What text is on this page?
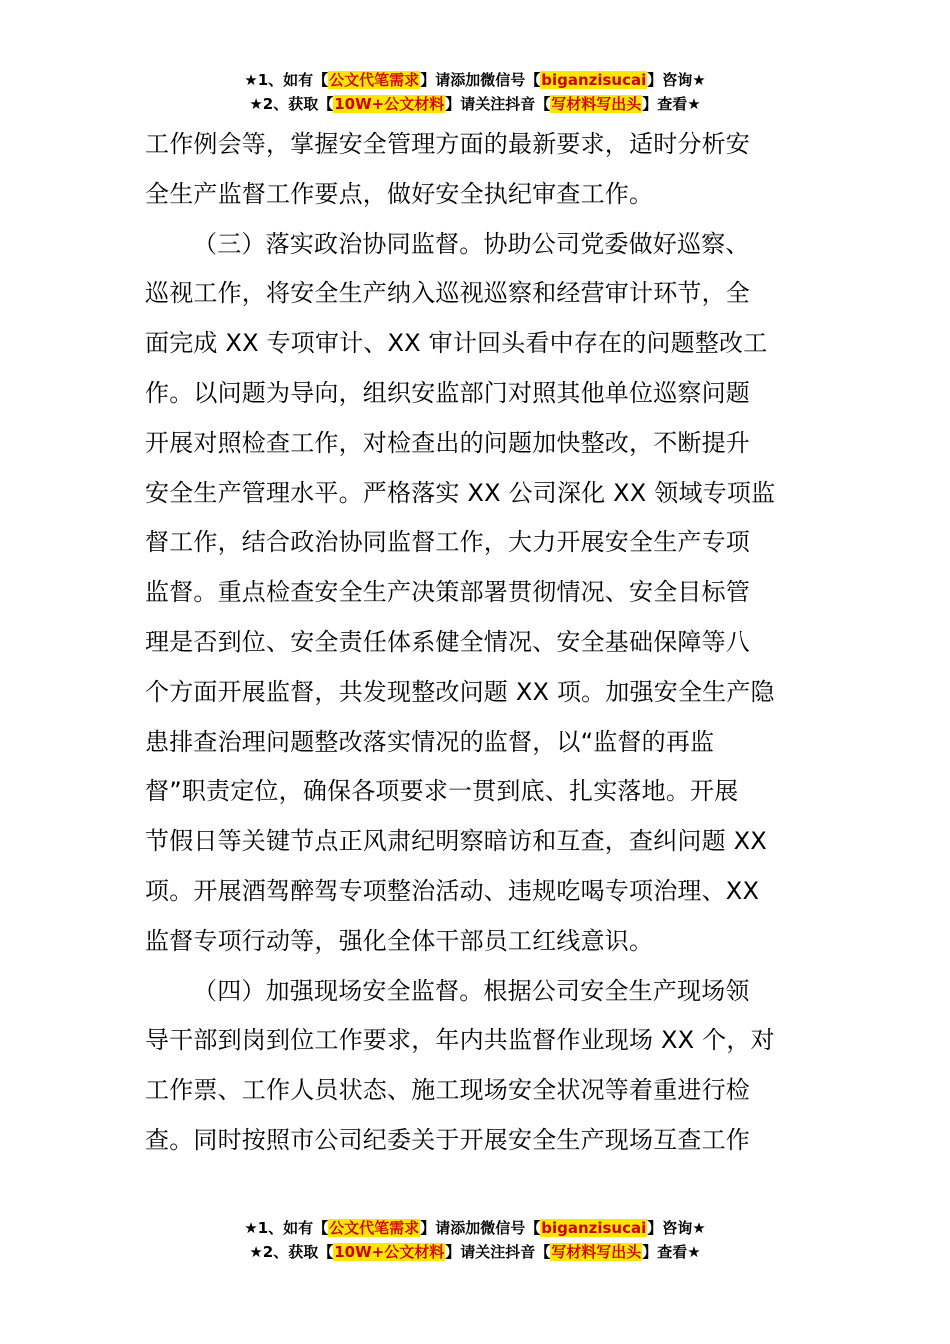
★1、如有【公文代笔需求】请添加微信号【biganzisucai】咨询★
★2、获取【10W+公文材料】请关注抖音【写材料写出头】查看★
工作例会等，掌握安全管理方面的最新要求，适时分析安
全生产监督工作要点，做好安全执纪审查工作。
（三）落实政治协同监督。协助公司党委做好巡察、
巡视工作，将安全生产纳入巡视巡察和经营审计环节，全
面完成 XX 专项审计、XX 审计回头看中存在的问题整改工
作。以问题为导向，组织安监部门对照其他单位巡察问题
开展对照检查工作，对检查出的问题加快整改，不断提升
安全生产管理水平。严格落实 XX 公司深化 XX 领域专项监
督工作，结合政治协同监督工作，大力开展安全生产专项
监督。重点检查安全生产决策部署贯彻情况、安全目标管
理是否到位、安全责任体系健全情况、安全基础保障等八
个方面开展监督，共发现整改问题 XX 项。加强安全生产隐
患排查治理问题整改落实情况的监督，以“监督的再监
督”职责定位，确保各项要求一贯到底、扎实落地。开展
节假日等关键节点正风肃纪明察暗访和互查，查纠问题 XX
项。开展酒驾醉驾专项整治活动、违规吃喝专项治理、XX
监督专项行动等，强化全体干部员工红线意识。
（四）加强现场安全监督。根据公司安全生产现场领
导干部到岗到位工作要求，年内共监督作业现场 XX 个，对
工作票、工作人员状态、施工现场安全状况等着重进行检
查。同时按照市公司纪委关于开展安全生产现场互查工作
★1、如有【公文代笔需求】请添加微信号【biganzisucai】咨询★
★2、获取【10W+公文材料】请关注抖音【写材料写出头】查看★
